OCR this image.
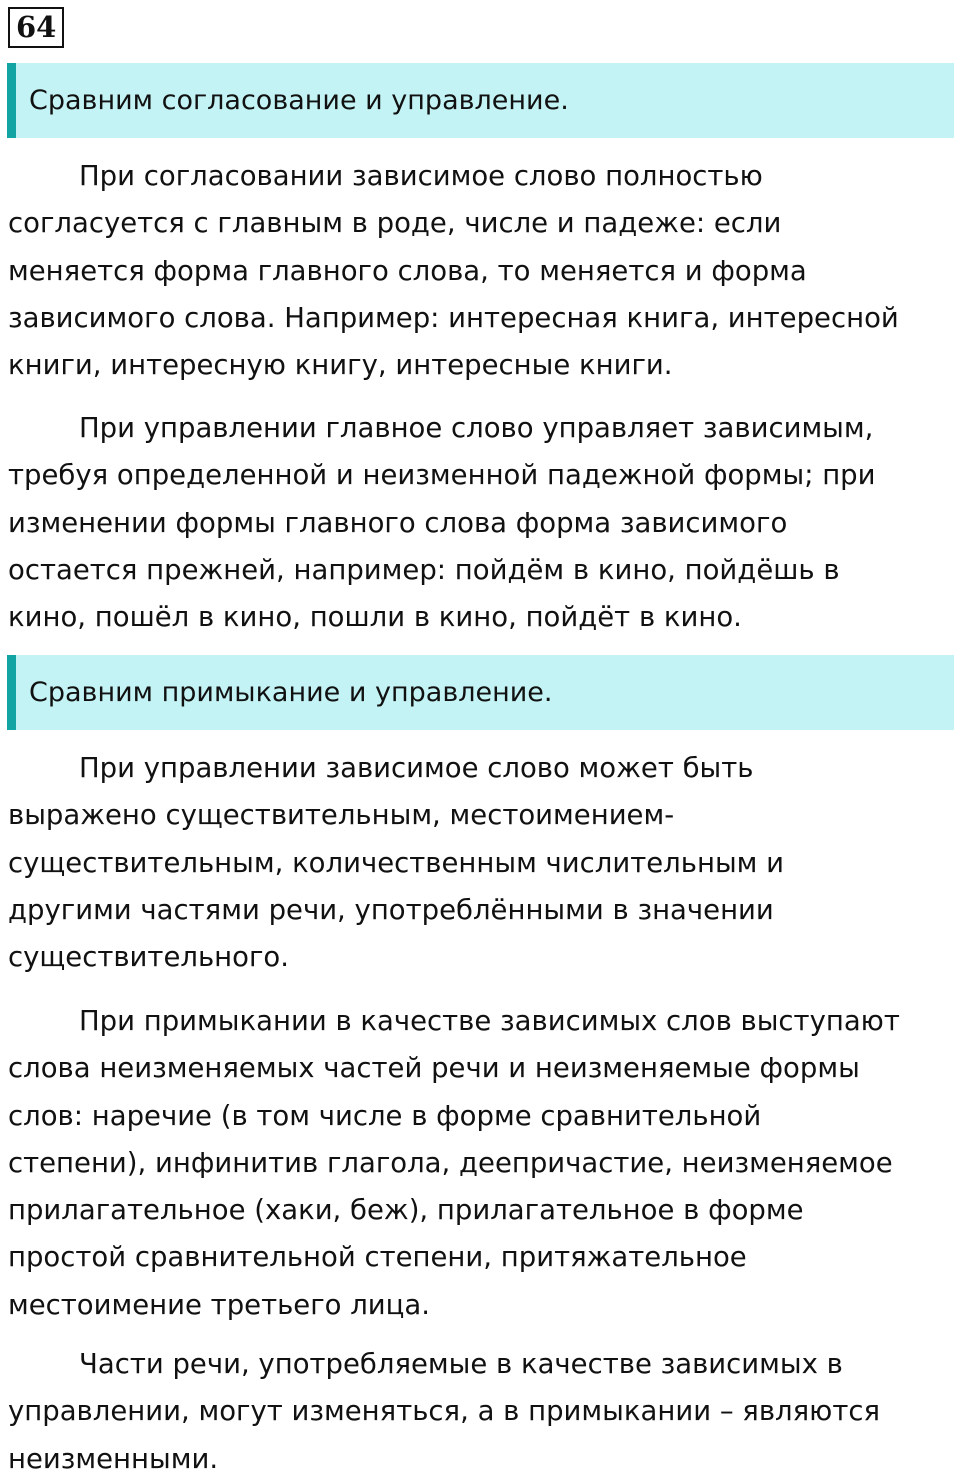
64
Сравним согласование и управление.

При согласовании зависимое слово полностью
согласуется с главным в роде, числе и падеже: если
меняется форма главного слова, то меняется и форма
зависимого слова. Например: интересная книга, интересной
книги, интересную книгу, интересные книги.

При управлении главное слово управляет зависимым,
требуя определенной и неизменной падежной формы; при
изменении формы главного слова форма зависимого
остается прежней, например: пойдём в кино, пойдёшь в
кино, пошёл в кино, пошли в кино, пойдёт в кино.

Сравним примыкание и управление.

При управлении зависимое слово может быть
выражено существительным, местоимением-
существительным, количественным числительным и
другими частями речи, употреблёнными в значении
существительного.

При примыкании в качестве зависимых слов выступают
слова неизменяемых частей речи и неизменяемые формы
слов: наречие (в том числе в форме сравнительной
степени), инфинитив глагола, деепричастие, неизменяемое
прилагательное (хаки, беж), прилагательное в форме
простой сравнительной степени, притяжательное
местоимение третьего лица.

Части речи, употребляемые в качестве зависимых в
управлении, могут изменяться, а в примыкании – являются
неизменными.
